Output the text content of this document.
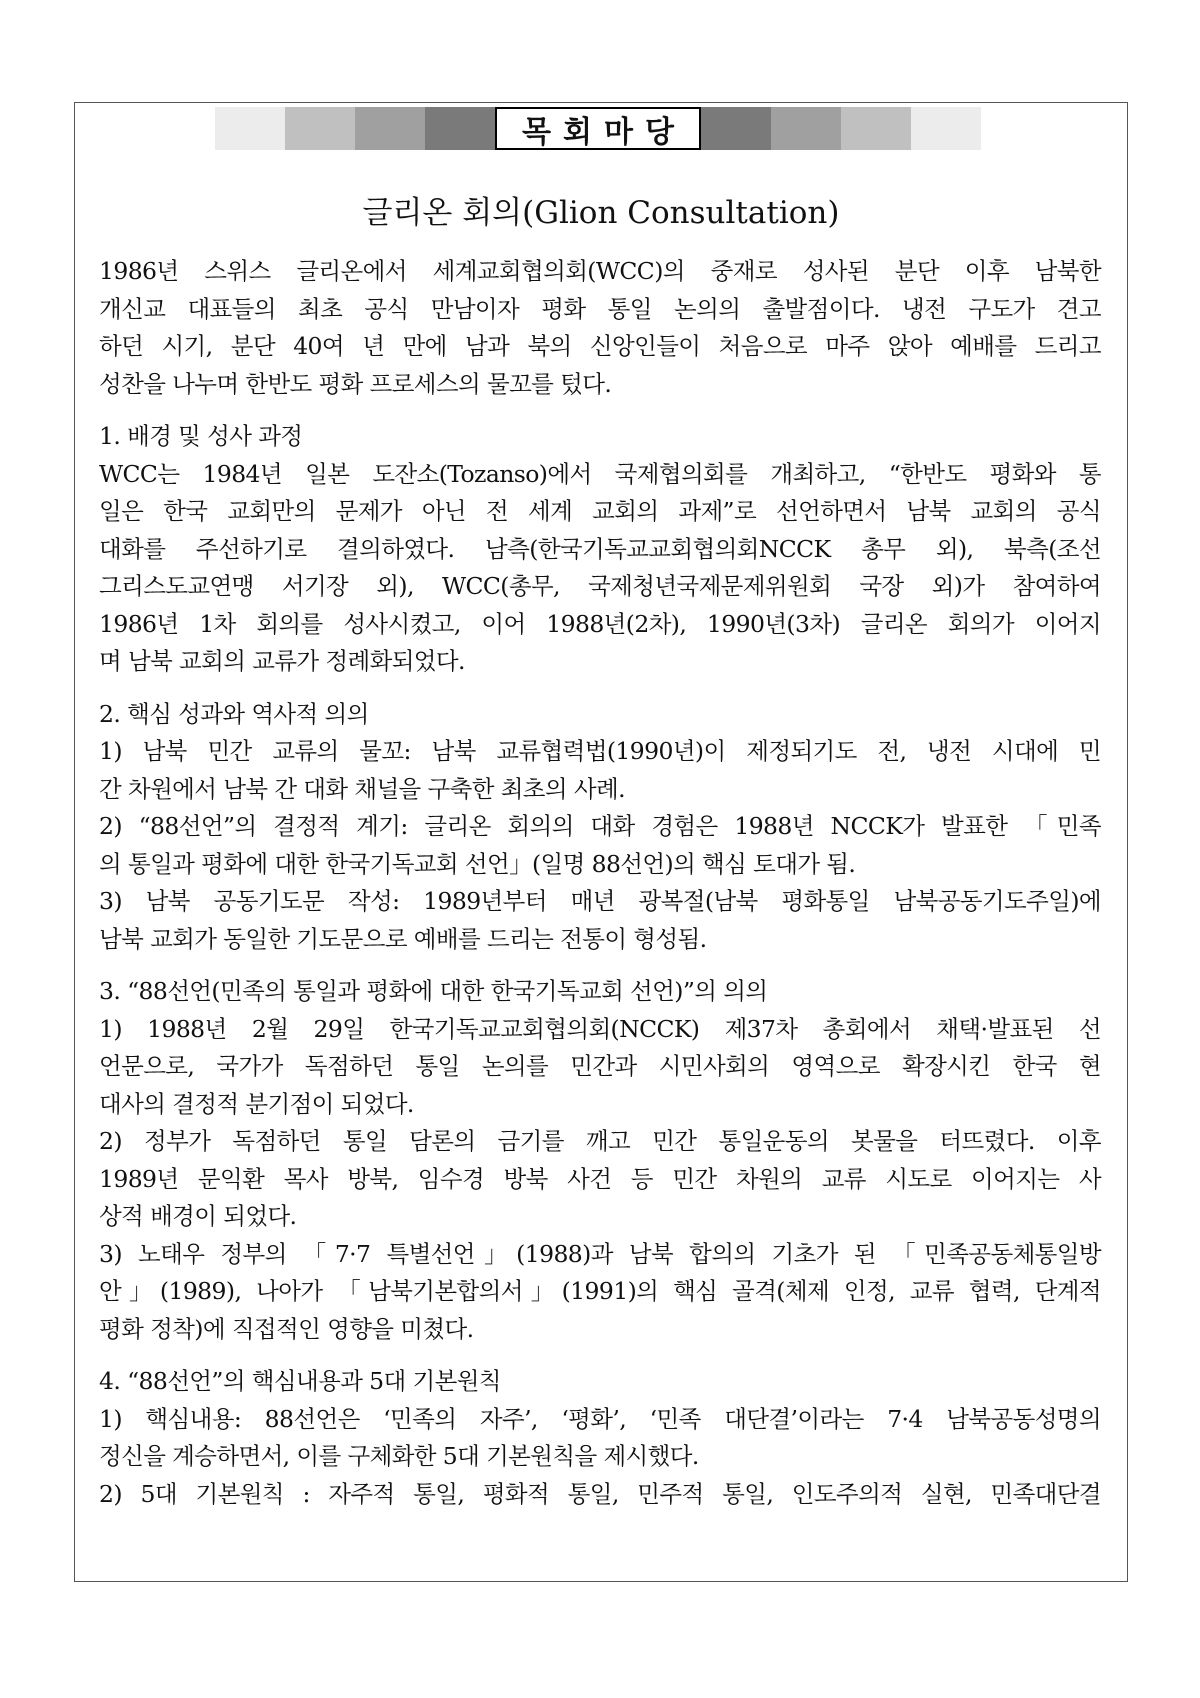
목회마당
글리온 회의(Glion Consultation)

1986년 스위스 글리온에서 세계교회협의회(WCC)의 중재로 성사된 분단 이후 남북한

개신교 대표들의 최초 공식 만남이자 평화 통일 논의의 출발점이다. 냉전 구도가 견고

하던 시기, 분단 40여 년 만에 남과 북의 신앙인들이 처음으로 마주 앉아 예배를 드리고

성찬을 나누며 한반도 평화 프로세스의 물꼬를 텄다.

1. 배경 및 성사 과정

WCC는 1984년 일본 도잔소(Tozanso)에서 국제협의회를 개최하고, “한반도 평화와 통

일은 한국 교회만의 문제가 아닌 전 세계 교회의 과제”로 선언하면서 남북 교회의 공식

대화를 주선하기로 결의하였다. 남측(한국기독교교회협의회NCCK 총무 외), 북측(조선

그리스도교연맹 서기장 외), WCC(총무, 국제청년국제문제위원회 국장 외)가 참여하여

1986년 1차 회의를 성사시켰고, 이어 1988년(2차), 1990년(3차) 글리온 회의가 이어지

며 남북 교회의 교류가 정례화되었다.

2. 핵심 성과와 역사적 의의

1) 남북 민간 교류의 물꼬: 남북 교류협력법(1990년)이 제정되기도 전, 냉전 시대에 민

간 차원에서 남북 간 대화 채널을 구축한 최초의 사례.

2) “88선언”의 결정적 계기: 글리온 회의의 대화 경험은 1988년 NCCK가 발표한 「민족

의 통일과 평화에 대한 한국기독교회 선언」(일명 88선언)의 핵심 토대가 됨.

3) 남북 공동기도문 작성: 1989년부터 매년 광복절(남북 평화통일 남북공동기도주일)에

남북 교회가 동일한 기도문으로 예배를 드리는 전통이 형성됨.

3. “88선언(민족의 통일과 평화에 대한 한국기독교회 선언)”의 의의

1) 1988년 2월 29일 한국기독교교회협의회(NCCK) 제37차 총회에서 채택·발표된 선

언문으로, 국가가 독점하던 통일 논의를 민간과 시민사회의 영역으로 확장시킨 한국 현

대사의 결정적 분기점이 되었다.

2) 정부가 독점하던 통일 담론의 금기를 깨고 민간 통일운동의 봇물을 터뜨렸다. 이후

1989년 문익환 목사 방북, 임수경 방북 사건 등 민간 차원의 교류 시도로 이어지는 사

상적 배경이 되었다.

3) 노태우 정부의 「7·7 특별선언」(1988)과 남북 합의의 기초가 된 「민족공동체통일방

안」(1989), 나아가 「남북기본합의서」(1991)의 핵심 골격(체제 인정, 교류 협력, 단계적

평화 정착)에 직접적인 영향을 미쳤다.

4. “88선언”의 핵심내용과 5대 기본원칙

1) 핵심내용: 88선언은 ‘민족의 자주’, ‘평화’, ‘민족 대단결’이라는 7·4 남북공동성명의

정신을 계승하면서, 이를 구체화한 5대 기본원칙을 제시했다.

2) 5대 기본원칙 : 자주적 통일, 평화적 통일, 민주적 통일, 인도주의적 실현, 민족대단결
